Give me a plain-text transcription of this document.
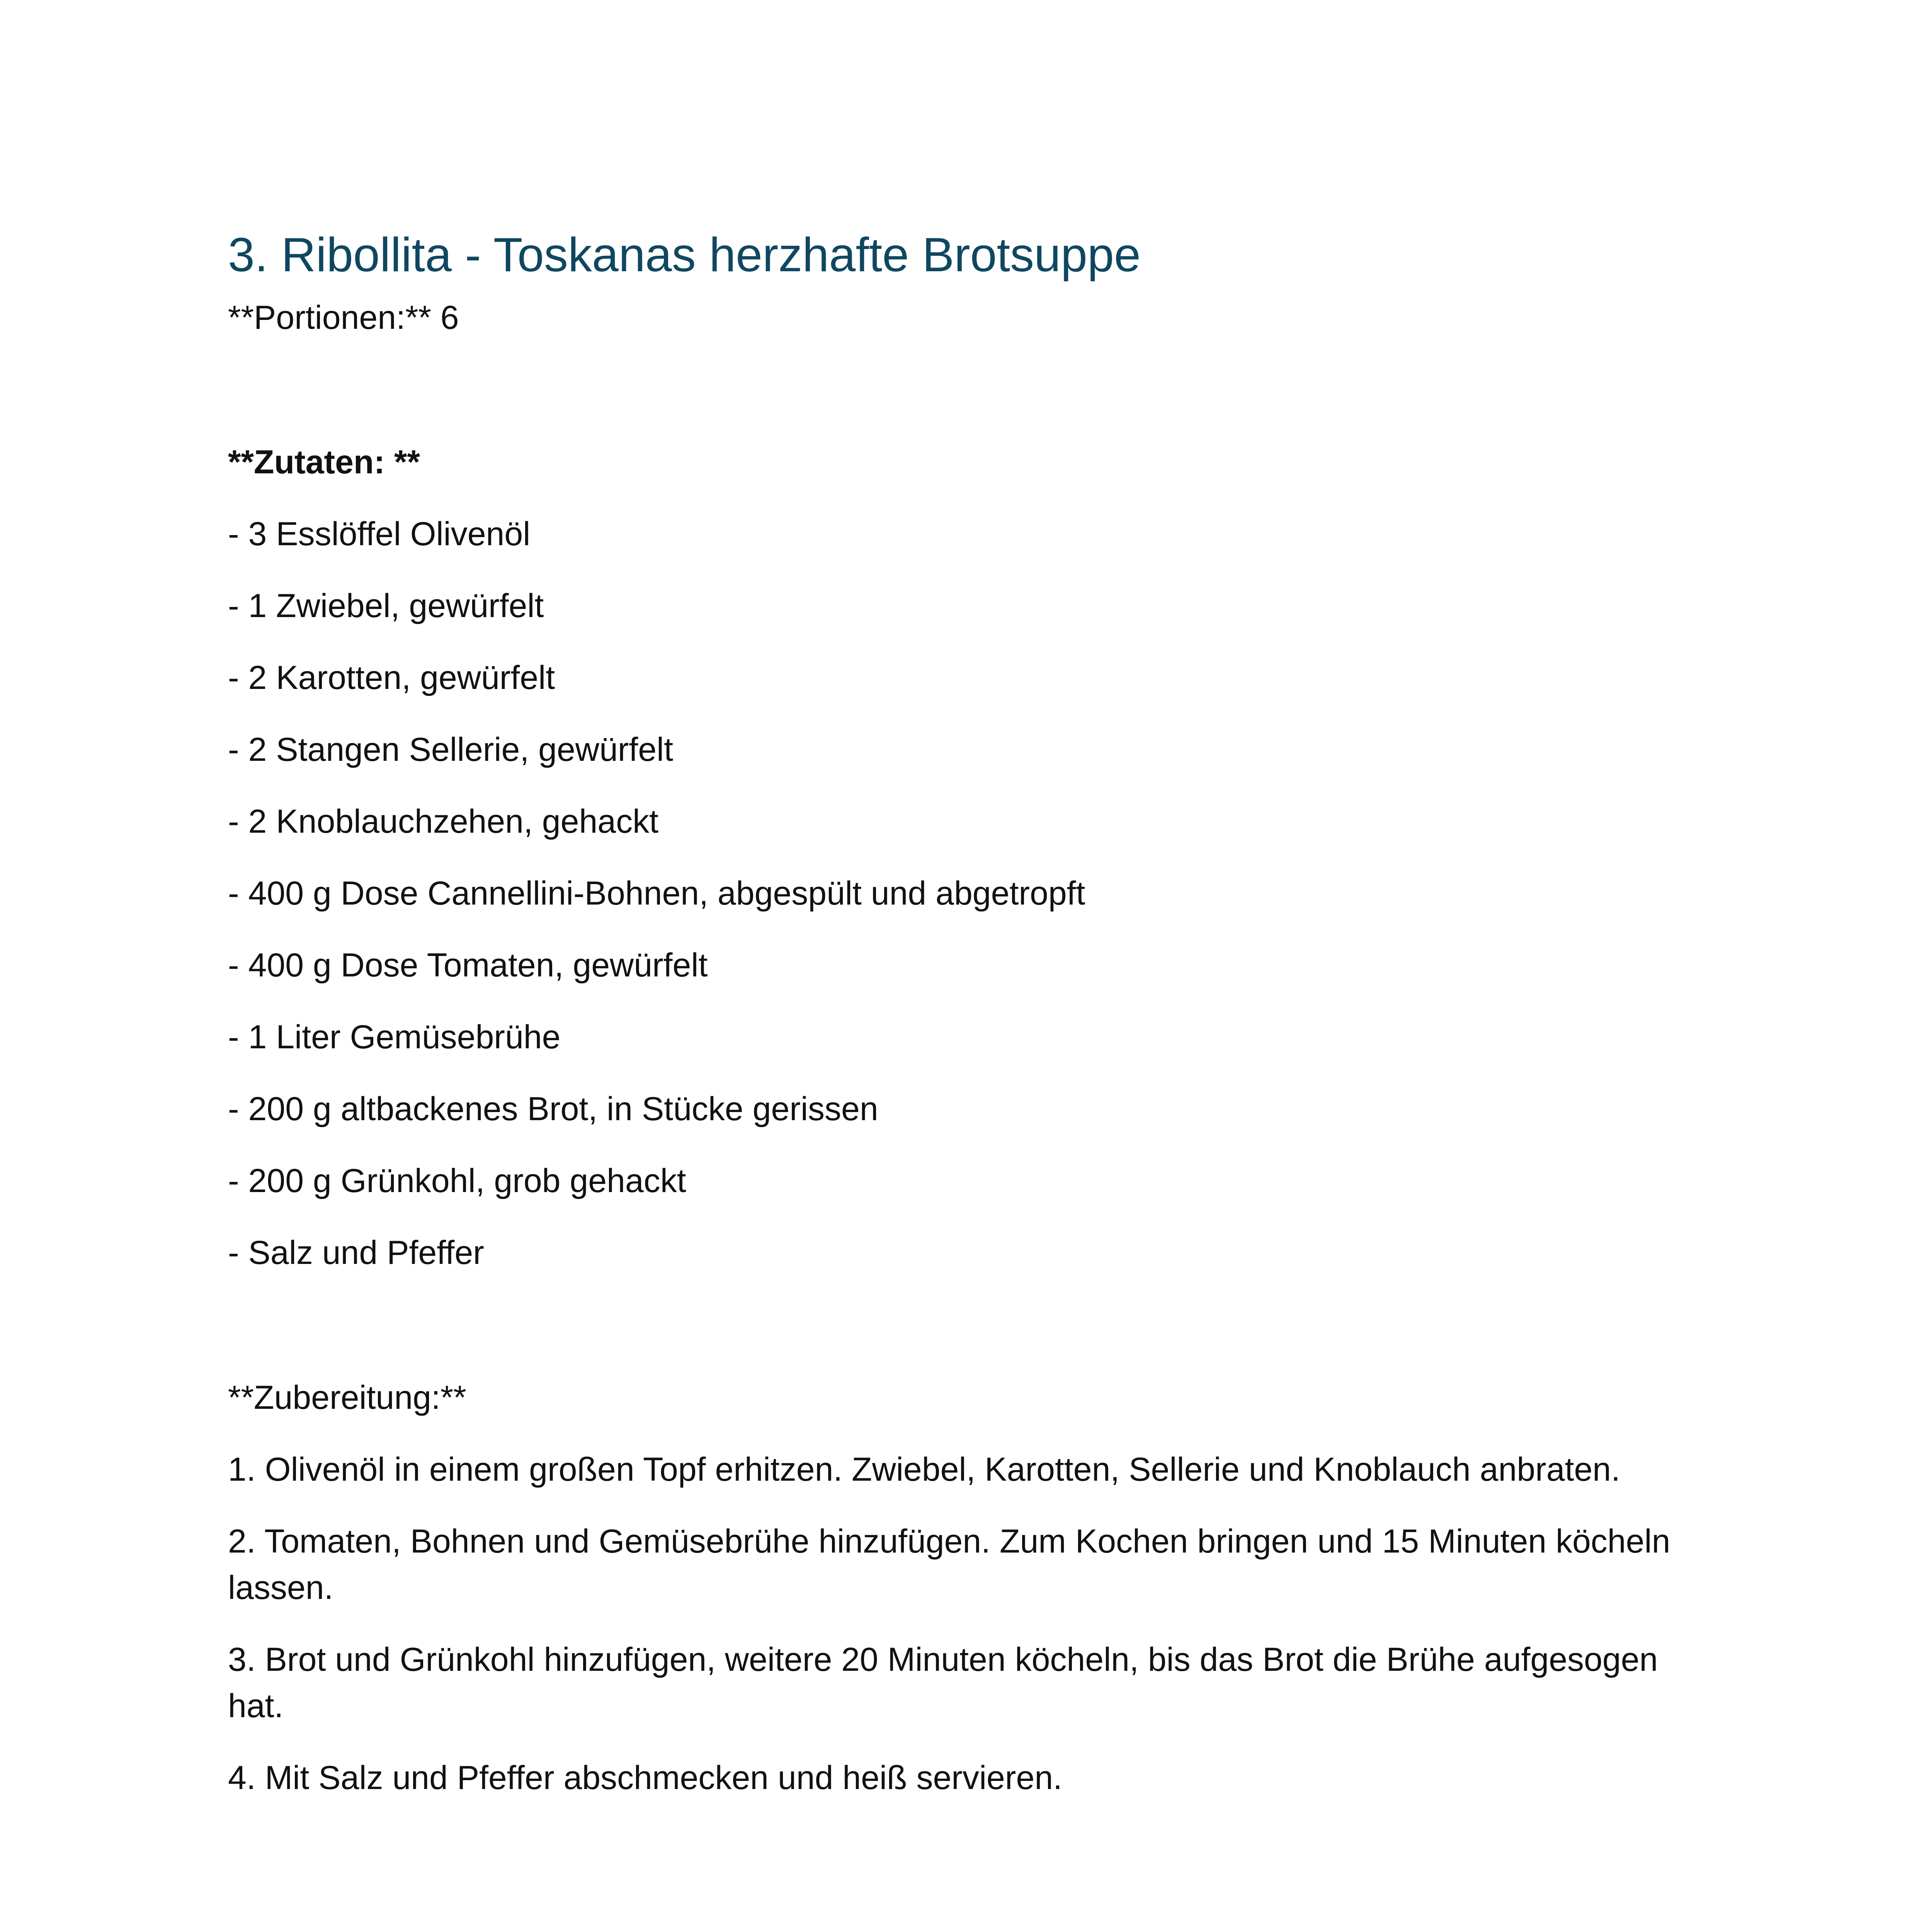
3. Ribollita - Toskanas herzhafte Brotsuppe

**Portionen:** 6

**Zutaten: **

- 3 Esslöffel Olivenöl
- 1 Zwiebel, gewürfelt
- 2 Karotten, gewürfelt
- 2 Stangen Sellerie, gewürfelt
- 2 Knoblauchzehen, gehackt
- 400 g Dose Cannellini-Bohnen, abgespült und abgetropft
- 400 g Dose Tomaten, gewürfelt
- 1 Liter Gemüsebrühe
- 200 g altbackenes Brot, in Stücke gerissen
- 200 g Grünkohl, grob gehackt
- Salz und Pfeffer

**Zubereitung:**

1. Olivenöl in einem großen Topf erhitzen. Zwiebel, Karotten, Sellerie und Knoblauch anbraten.
2. Tomaten, Bohnen und Gemüsebrühe hinzufügen. Zum Kochen bringen und 15 Minuten köcheln lassen.
3. Brot und Grünkohl hinzufügen, weitere 20 Minuten köcheln, bis das Brot die Brühe aufgesogen hat.
4. Mit Salz und Pfeffer abschmecken und heiß servieren.
